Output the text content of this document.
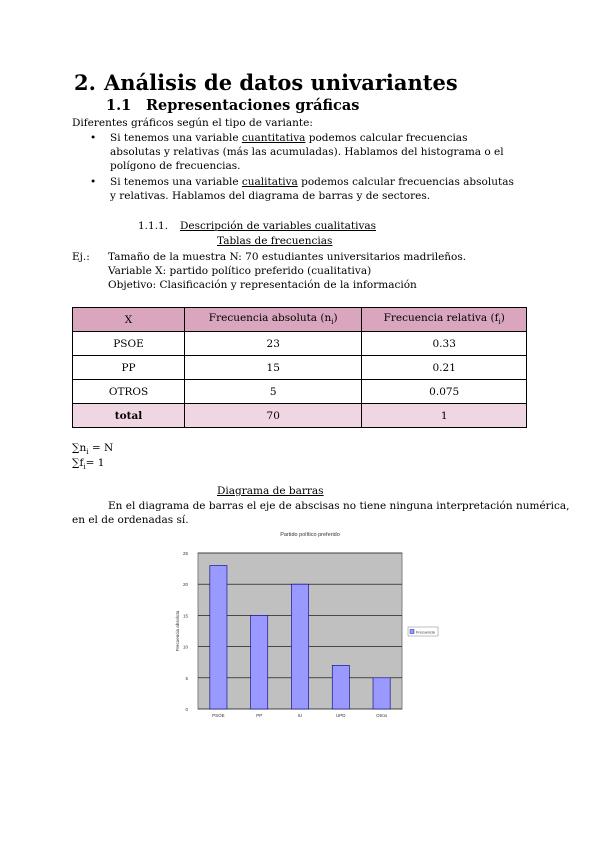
2. Análisis de datos univariantes
1.1 Representaciones gráficas
Diferentes gráficos según el tipo de variante:
• Si tenemos una variable cuantitativa podemos calcular frecuencias absolutas y relativas (más las acumuladas). Hablamos del histograma o el polígono de frecuencias.
• Si tenemos una variable cualitativa podemos calcular frecuencias absolutas y relativas. Hablamos del diagrama de barras y de sectores.
1.1.1. Descripción de variables cualitativas
Tablas de frecuencias
Ej.: Tamaño de la muestra N: 70 estudiantes universitarios madrileños.
Variable X: partido político preferido (cualitativa)
Objetivo: Clasificación y representación de la información
X	Frecuencia absoluta $(n_i)$	Frecuencia relativa $(f_i)$
PSOE	23	0.33
PP	15	0.21
OTROS	5	0.075
total	70	1
$\sum n_i = N$
$\sum f_i= 1$
Diagrama de barras
En el diagrama de barras el eje de abscisas no tiene ninguna interpretación numérica,
en el de ordenadas sí.
0
5
10
15
20
25
PSOE	PP	IU	UPD	Otros
Partido político preferido
Frecuencia absoluta	Frecuencia
